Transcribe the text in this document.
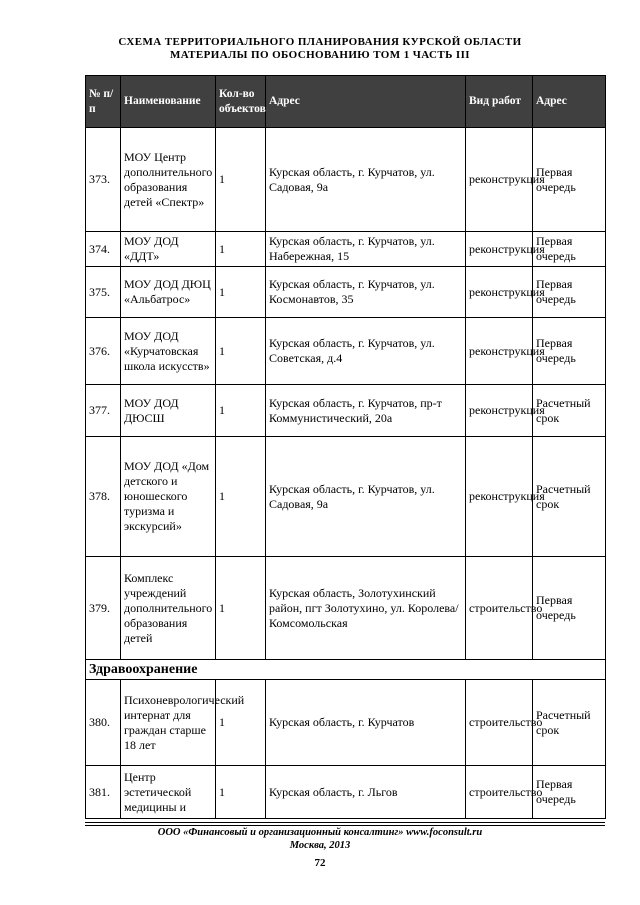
СХЕМА ТЕРРИТОРИАЛЬНОГО ПЛАНИРОВАНИЯ КУРСКОЙ ОБЛАСТИ
МАТЕРИАЛЫ ПО ОБОСНОВАНИЮ ТОМ 1 ЧАСТЬ III
№ п/п	Наименование	Кол-во объектов	Адрес	Вид работ	Адрес
373.	МОУ Центр дополнительного образования детей «Спектр»	1	Курская область, г. Курчатов, ул. Садовая, 9а	реконструкция	Первая очередь
374.	МОУ ДОД «ДДТ»	1	Курская область, г. Курчатов, ул. Набережная, 15	реконструкция	Первая очередь
375.	МОУ ДОД ДЮЦ «Альбатрос»	1	Курская область, г. Курчатов, ул. Космонавтов, 35	реконструкция	Первая очередь
376.	МОУ ДОД «Курчатовская школа искусств»	1	Курская область, г. Курчатов, ул. Советская, д.4	реконструкция	Первая очередь
377.	МОУ ДОД ДЮСШ	1	Курская область, г. Курчатов, пр-т Коммунистический, 20а	реконструкция	Расчетный срок
378.	МОУ ДОД «Дом детского и юношеского туризма и экскурсий»	1	Курская область, г. Курчатов, ул. Садовая, 9а	реконструкция	Расчетный срок
379.	Комплекс учреждений дополнительного образования детей	1	Курская область, Золотухинский район, пгт Золотухино, ул. Королева/Комсомольская	строительство	Первая очередь
Здравоохранение					
380.	Психоневрологический интернат для граждан старше 18 лет	1	Курская область, г. Курчатов	строительство	Расчетный срок
381.	Центр эстетической медицины и	1	Курская область, г. Льгов	строительство	Первая очередь
ООО «Финансовый и организационный консалтинг» www.foconsult.ru
Москва, 2013
72
